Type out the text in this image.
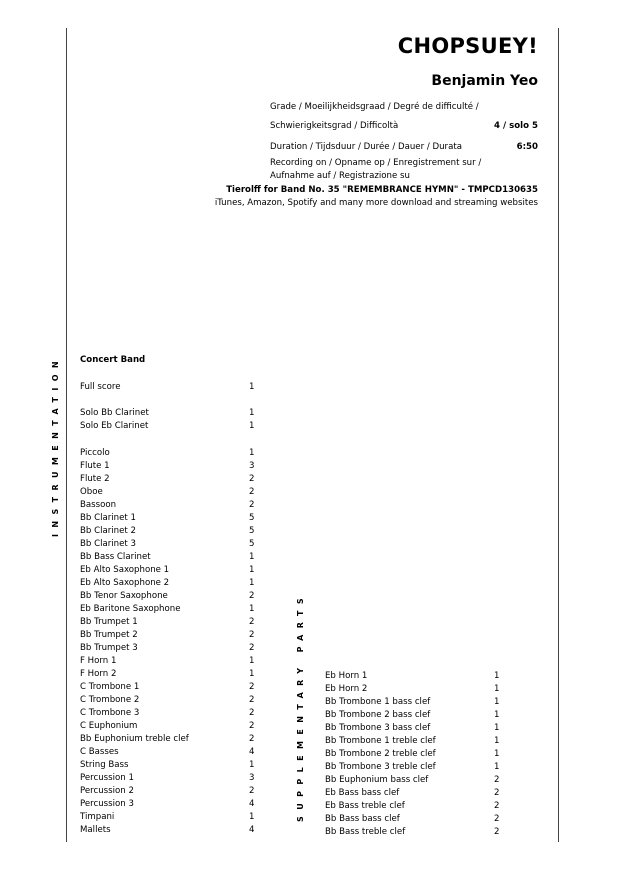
CHOPSUEY!
Benjamin Yeo
Grade / Moeilijkheidsgraad / Degré de difficulté /
Schwierigkeitsgrad / Difficoltà	4 / solo 5
Duration / Tijdsduur / Durée / Dauer / Durata	6:50
Recording on / Opname op / Enregistrement sur /
Aufnahme auf / Registrazione su
Tierolff for Band No. 35 "REMEMBRANCE HYMN" - TMPCD130635
iTunes, Amazon, Spotify and many more download and streaming websites
INSTRUMENTATION
SUPPLEMENTARY PARTS
Concert Band
Full score	1
Solo Bb Clarinet	1
Solo Eb Clarinet	1
Piccolo	1
Flute 1	3
Flute 2	2
Oboe	2
Bassoon	2
Bb Clarinet 1	5
Bb Clarinet 2	5
Bb Clarinet 3	5
Bb Bass Clarinet	1
Eb Alto Saxophone 1	1
Eb Alto Saxophone 2	1
Bb Tenor Saxophone	2
Eb Baritone Saxophone	1
Bb Trumpet 1	2
Bb Trumpet 2	2
Bb Trumpet 3	2
F Horn 1	1
F Horn 2	1
C Trombone 1	2
C Trombone 2	2
C Trombone 3	2
C Euphonium	2
Bb Euphonium treble clef	2
C Basses	4
String Bass	1
Percussion 1	3
Percussion 2	2
Percussion 3	4
Timpani	1
Mallets	4
Eb Horn 1	1
Eb Horn 2	1
Bb Trombone 1 bass clef	1
Bb Trombone 2 bass clef	1
Bb Trombone 3 bass clef	1
Bb Trombone 1 treble clef	1
Bb Trombone 2 treble clef	1
Bb Trombone 3 treble clef	1
Bb Euphonium bass clef	2
Eb Bass bass clef	2
Eb Bass treble clef	2
Bb Bass bass clef	2
Bb Bass treble clef	2
